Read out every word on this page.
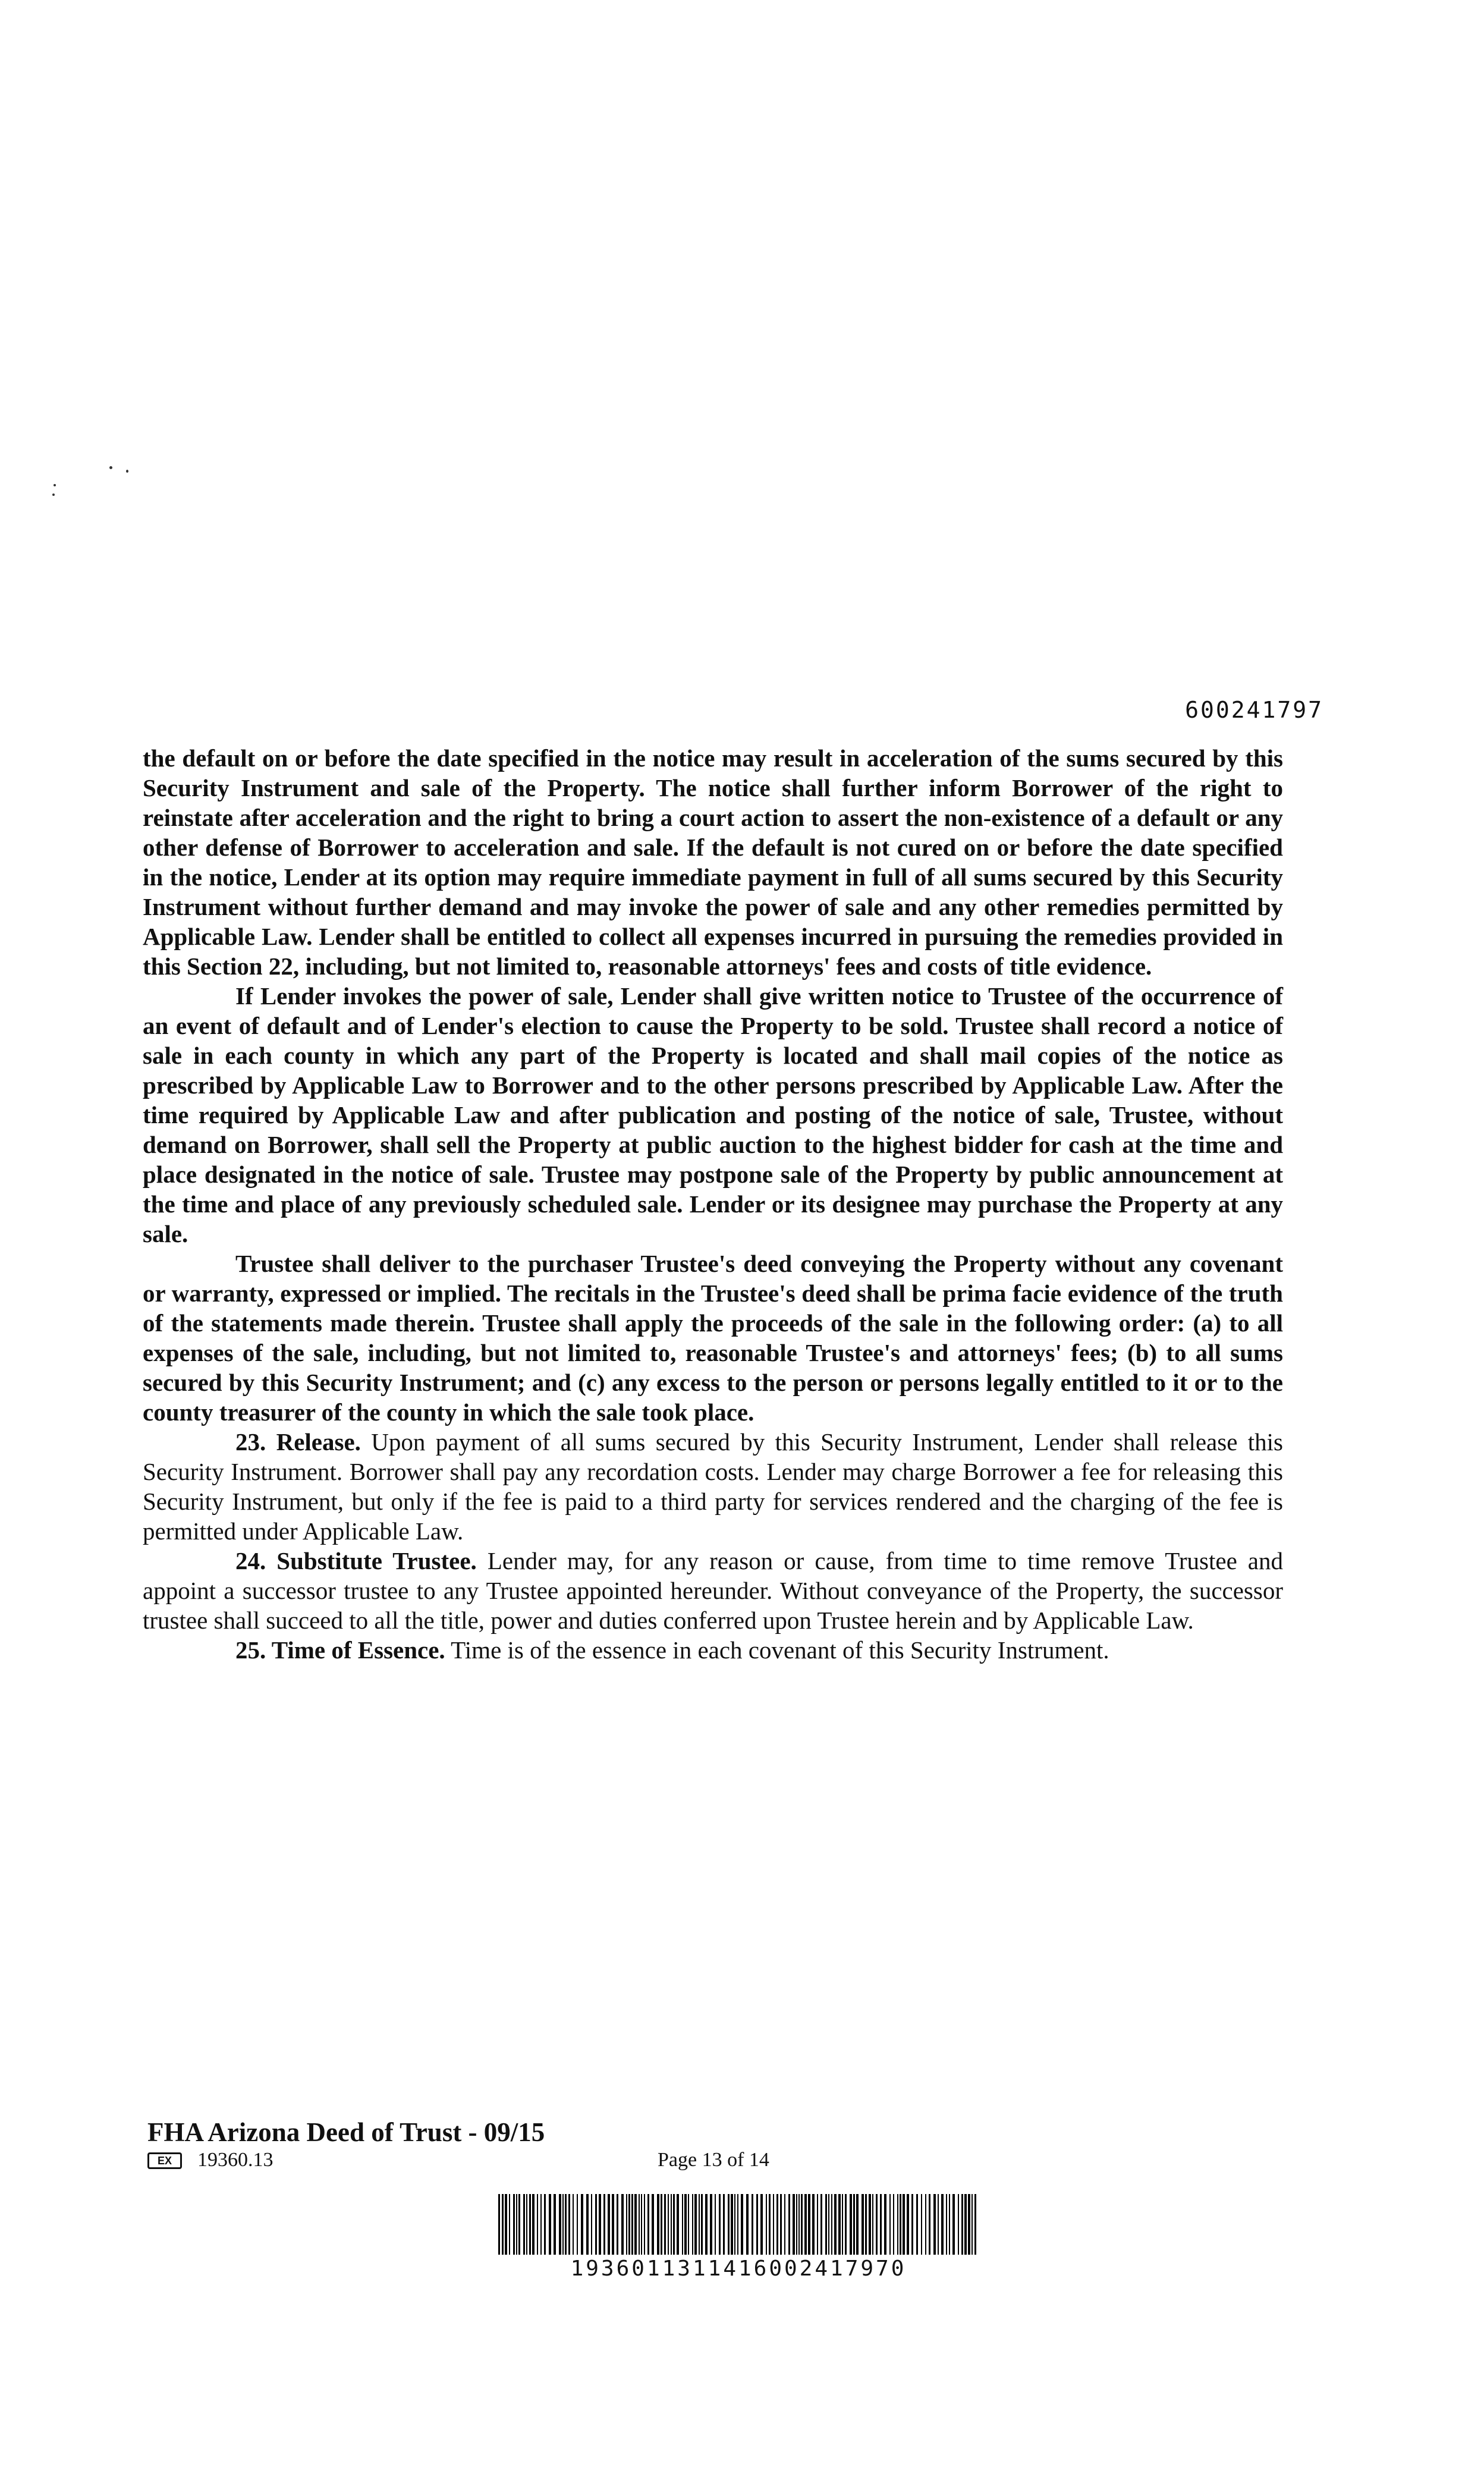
600241797

the default on or before the date specified in the notice may result in acceleration of the sums secured by this Security Instrument and sale of the Property. The notice shall further inform Borrower of the right to reinstate after acceleration and the right to bring a court action to assert the non-existence of a default or any other defense of Borrower to acceleration and sale. If the default is not cured on or before the date specified in the notice, Lender at its option may require immediate payment in full of all sums secured by this Security Instrument without further demand and may invoke the power of sale and any other remedies permitted by Applicable Law. Lender shall be entitled to collect all expenses incurred in pursuing the remedies provided in this Section 22, including, but not limited to, reasonable attorneys' fees and costs of title evidence.

If Lender invokes the power of sale, Lender shall give written notice to Trustee of the occurrence of an event of default and of Lender's election to cause the Property to be sold. Trustee shall record a notice of sale in each county in which any part of the Property is located and shall mail copies of the notice as prescribed by Applicable Law to Borrower and to the other persons prescribed by Applicable Law. After the time required by Applicable Law and after publication and posting of the notice of sale, Trustee, without demand on Borrower, shall sell the Property at public auction to the highest bidder for cash at the time and place designated in the notice of sale. Trustee may postpone sale of the Property by public announcement at the time and place of any previously scheduled sale. Lender or its designee may purchase the Property at any sale.

Trustee shall deliver to the purchaser Trustee's deed conveying the Property without any covenant or warranty, expressed or implied. The recitals in the Trustee's deed shall be prima facie evidence of the truth of the statements made therein. Trustee shall apply the proceeds of the sale in the following order: (a) to all expenses of the sale, including, but not limited to, reasonable Trustee's and attorneys' fees; (b) to all sums secured by this Security Instrument; and (c) any excess to the person or persons legally entitled to it or to the county treasurer of the county in which the sale took place.

23. Release. Upon payment of all sums secured by this Security Instrument, Lender shall release this Security Instrument. Borrower shall pay any recordation costs. Lender may charge Borrower a fee for releasing this Security Instrument, but only if the fee is paid to a third party for services rendered and the charging of the fee is permitted under Applicable Law.

24. Substitute Trustee. Lender may, for any reason or cause, from time to time remove Trustee and appoint a successor trustee to any Trustee appointed hereunder. Without conveyance of the Property, the successor trustee shall succeed to all the title, power and duties conferred upon Trustee herein and by Applicable Law.

25. Time of Essence. Time is of the essence in each covenant of this Security Instrument.

FHA Arizona Deed of Trust - 09/15
EX	19360.13	Page 13 of 14
1936011311416002417970
